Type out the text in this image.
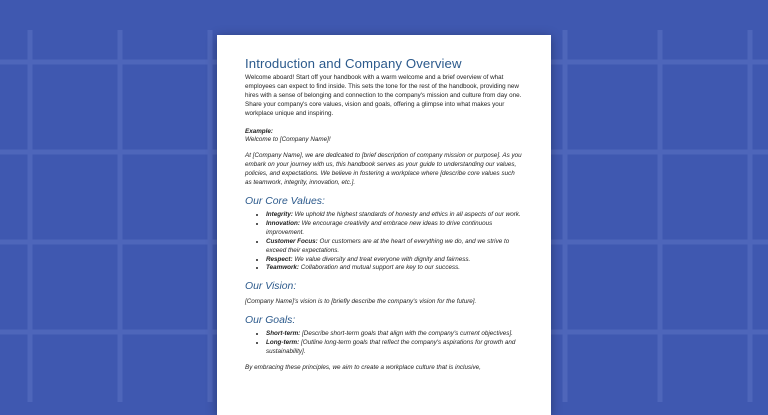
Introduction and Company Overview

Welcome aboard! Start off your handbook with a warm welcome and a brief overview of what employees can expect to find inside. This sets the tone for the rest of the handbook, providing new hires with a sense of belonging and connection to the company's mission and culture from day one. Share your company's core values, vision and goals, offering a glimpse into what makes your workplace unique and inspiring.

Example:

Welcome to [Company Name]!

At [Company Name], we are dedicated to [brief description of company mission or purpose]. As you embark on your journey with us, this handbook serves as your guide to understanding our values, policies, and expectations. We believe in fostering a workplace where [describe core values such as teamwork, integrity, innovation, etc.].

Our Core Values:
• Integrity: We uphold the highest standards of honesty and ethics in all aspects of our work.
• Innovation: We encourage creativity and embrace new ideas to drive continuous improvement.
• Customer Focus: Our customers are at the heart of everything we do, and we strive to exceed their expectations.
• Respect: We value diversity and treat everyone with dignity and fairness.
• Teamwork: Collaboration and mutual support are key to our success.
Our Vision:

[Company Name]'s vision is to [briefly describe the company's vision for the future].

Our Goals:
• Short-term: [Describe short-term goals that align with the company's current objectives].
• Long-term: [Outline long-term goals that reflect the company's aspirations for growth and sustainability].

By embracing these principles, we aim to create a workplace culture that is inclusive,
